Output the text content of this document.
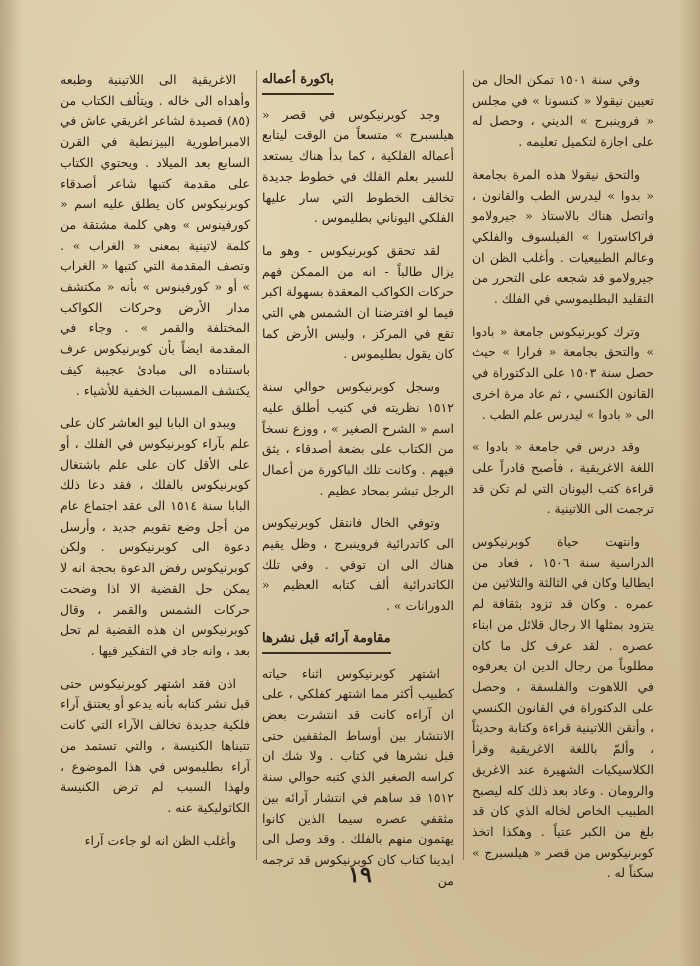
وفي سنة ١٥٠١ تمكن الحال من تعيين نيقولا « كنسونا » في مجلس « فروينبرج » الديني ، وحصل له على اجازة لتكميل تعليمه .

والتحق نيقولا هذه المرة بجامعة « بدوا » ليدرس الطب والقانون ، واتصل هناك بالاستاذ « جيرولامو فراكاستورا » الفيلسوف والفلكي وعالم الطبيعيات . وأغلب الظن ان جيرولامو قد شجعه على التحرر من التقليد البطليموسي في الفلك .

وترك كوبرنيكوس جامعة « بادوا » والتحق بجامعة « فرارا » حيث حصل سنة ١٥٠٣ على الدكتوراة في القانون الكنسي ، ثم عاد مرة اخرى الى « بادوا » ليدرس علم الطب .

وقد درس في جامعة « بادوا » اللغة الاغريقية ، فأصبح قادراً على قراءة كتب اليونان التي لم تكن قد ترجمت الى اللاتينية .

وانتهت حياة كوبرنيكوس الدراسية سنة ١٥٠٦ ، فعاد من ايطاليا وكان في الثالثة والثلاثين من عمره . وكان قد تزود بثقافة لم يتزود بمثلها الا رجال قلائل من ابناء عصره . لقد عرف كل ما كان مطلوباً من رجال الدين ان يعرفوه في اللاهوت والفلسفة ، وحصل على الدكتوراة في القانون الكنسي ، وأتقن اللاتينية قراءة وكتابة وحديثاً ، وألمّ باللغة الاغريقية وقرأ الكلاسيكيات الشهيرة عند الاغريق والرومان . وعاد بعد ذلك كله ليصبح الطبيب الخاص لخاله الذي كان قد بلغ من الكبر عتياً . وهكذا اتخذ كوبرنيكوس من قصر « هيلسبرج » سكناً له .

باكورة أعماله

وجد كوبرنيكوس في قصر « هيلسبرج » متسعاً من الوقت ليتابع أعماله الفلكية ، كما بدأ هناك يستعد للسير بعلم الفلك في خطوط جديدة تخالف الخطوط التي سار عليها الفلكي اليوناني بطليموس .

لقد تحقق كوبرنيكوس - وهو ما يزال طالباً - انه من الممكن فهم حركات الكواكب المعقدة بسهولة اكبر فيما لو افترضنا ان الشمس هي التي تقع في المركز ، وليس الأرض كما كان يقول بطليموس .

وسجل كوبرنيكوس حوالي سنة ١٥١٢ نظريته في كتيب أطلق عليه اسم « الشرح الصغير » ، ووزع نسخاً من الكتاب على بضعة أصدقاء ، يثق فيهم . وكانت تلك الباكورة من أعمال الرجل تبشر بمحاد عظيم .

وتوفي الخال فانتقل كوبرنيكوس الى كاتدرائية فروينبرج ، وظل يقيم هناك الى ان توفي . وفي تلك الكاتدرائية ألف كتابه العظيم « الدورانات » .

مقاومة آرائه قبل نشرها

اشتهر كوبرنيكوس اثناء حياته كطبيب أكثر مما اشتهر كفلكي ، على ان آراءه كانت قد انتشرت بعض الانتشار بين أوساط المثقفين حتى قبل نشرها في كتاب . ولا شك ان كراسه الصغير الذي كتبه حوالي سنة ١٥١٢ قد ساهم في انتشار آرائه بين مثقفي عصره سيما الذين كانوا يهتمون منهم بالفلك . وقد وصل الى ايدينا كتاب كان كوبرنيكوس قد ترجمه من

الاغريقية الى اللاتينية وطبعه وأهداه الى خاله . ويتألف الكتاب من (٨٥) قصيدة لشاعر اغريقي عاش في الامبراطورية البيزنطية في القرن السابع بعد الميلاد . ويحتوي الكتاب على مقدمة كتبها شاعر أصدقاء كوبرنيكوس كان يطلق عليه اسم « كورفينوس » وهي كلمة مشتقة من كلمة لاتينية بمعنى « الغراب » . وتصف المقدمة التي كتبها « الغراب » أو « كورفينوس » بأنه « مكتشف مدار الأرض وحركات الكواكب المختلفة والقمر » . وجاء في المقدمة ايضاً بأن كوبرنيكوس عرف باستناده الى مبادئ عجيبة كيف يكتشف المسببات الخفية للأشياء .

ويبدو ان البابا ليو العاشر كان على علم بآراء كوبرنيكوس في الفلك ، أو على الأقل كان على علم باشتغال كوبرنيكوس بالفلك ، فقد دعا ذلك البابا سنة ١٥١٤ الى عقد اجتماع عام من أجل وضع تقويم جديد ، وأرسل دعوة الى كوبرنيكوس . ولكن كوبرنيكوس رفض الدعوة بحجة انه لا يمكن حل القضية الا اذا وضحت حركات الشمس والقمر ، وقال كوبرنيكوس ان هذه القضية لم تحل بعد ، وانه جاد في التفكير فيها .

اذن فقد اشتهر كوبرنيكوس حتى قبل نشر كتابه بأنه يدعو أو يعتنق آراء فلكية جديدة تخالف الآراء التي كانت تتبناها الكنيسة ، والتي تستمد من آراء بطليموس في هذا الموضوع ، ولهذا السبب لم ترض الكنيسة الكاثوليكية عنه .

وأغلب الظن انه لو جاءت آراء

١٩
